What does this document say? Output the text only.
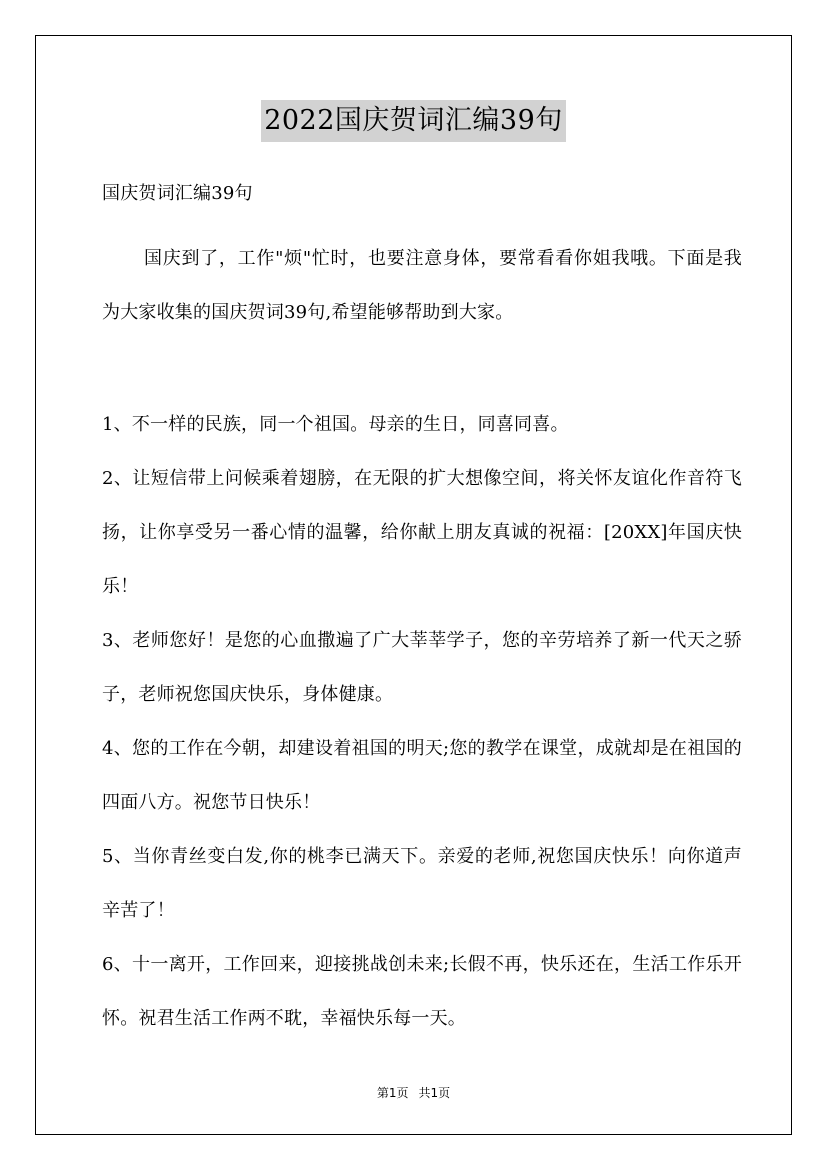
2022国庆贺词汇编39句
国庆贺词汇编39句
国庆到了，工作"烦"忙时，也要注意身体，要常看看你姐我哦。下面是我为大家收集的国庆贺词39句,希望能够帮助到大家。

1、不一样的民族，同一个祖国。母亲的生日，同喜同喜。

2、让短信带上问候乘着翅膀，在无限的扩大想像空间，将关怀友谊化作音符飞扬，让你享受另一番心情的温馨，给你献上朋友真诚的祝福：[20XX]年国庆快乐！

3、老师您好！是您的心血撒遍了广大莘莘学子，您的辛劳培养了新一代天之骄子，老师祝您国庆快乐，身体健康。

4、您的工作在今朝，却建设着祖国的明天;您的教学在课堂，成就却是在祖国的四面八方。祝您节日快乐！

5、当你青丝变白发,你的桃李已满天下。亲爱的老师,祝您国庆快乐！向你道声辛苦了！

6、十一离开，工作回来，迎接挑战创未来;长假不再，快乐还在，生活工作乐开怀。祝君生活工作两不耽，幸福快乐每一天。

第1页 共1页
